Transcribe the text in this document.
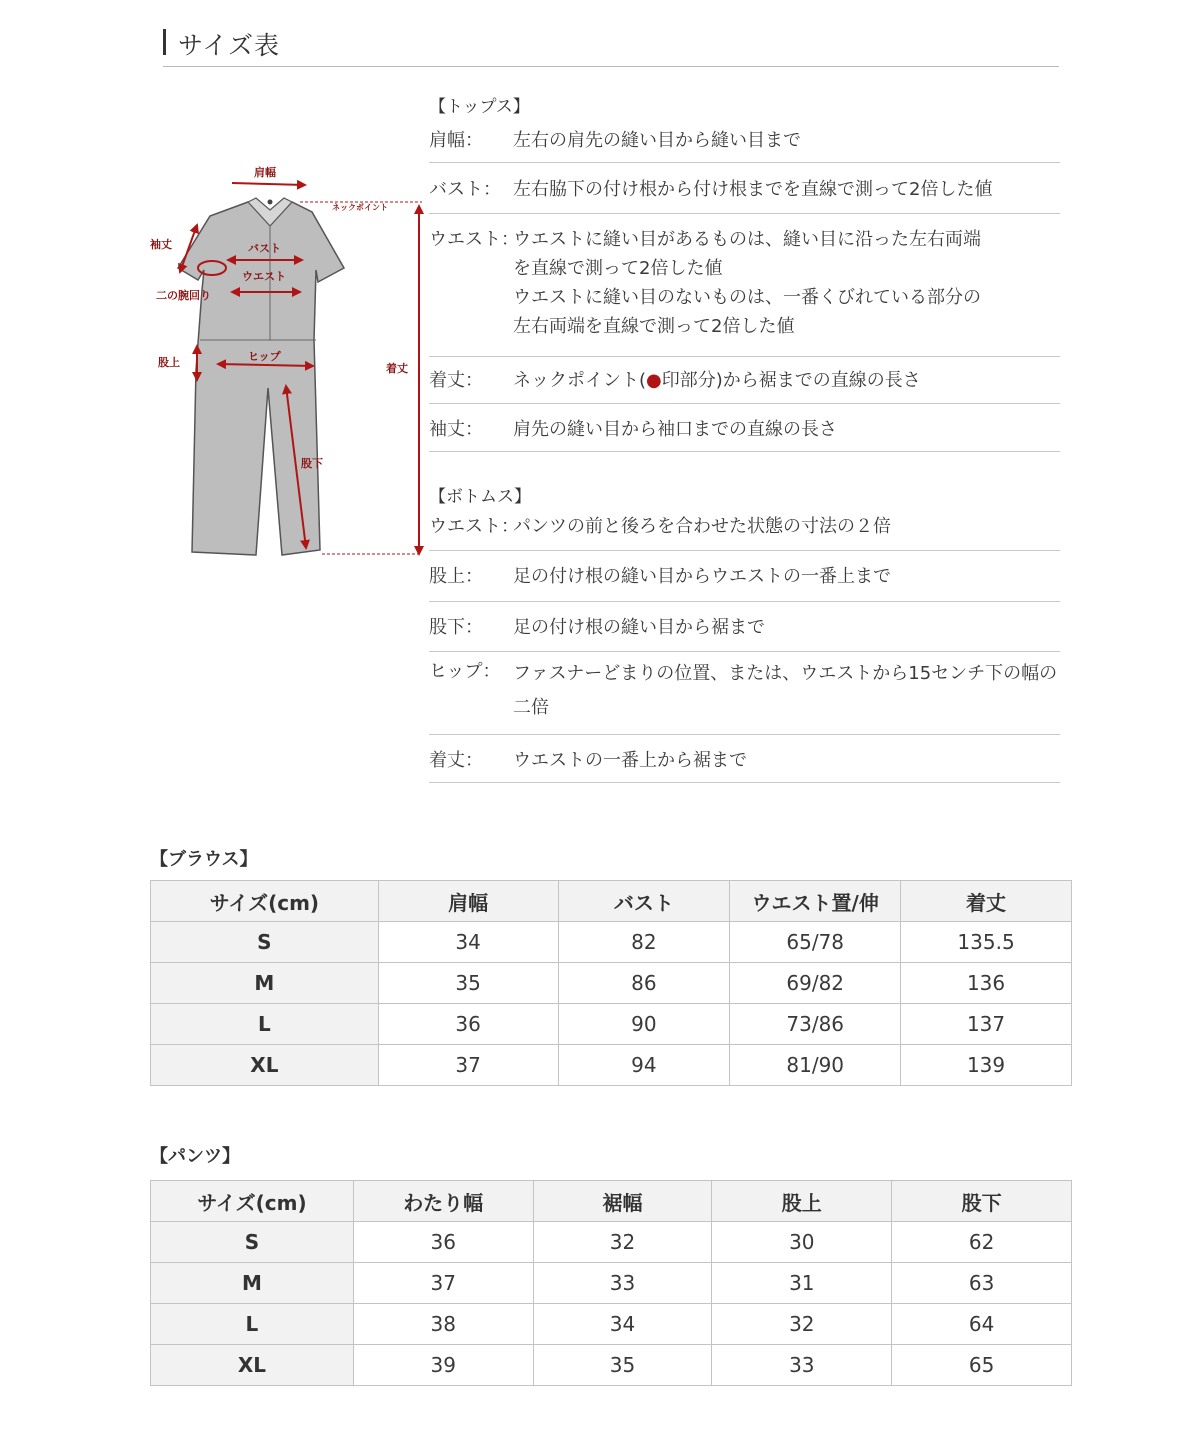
サイズ表
肩幅
ネックポイント
袖丈	バスト
ウエスト
二の腕回り
股上	ヒップ
着丈
股下
【トップス】
肩幅： 左右の肩先の縫い目から縫い目まで
バスト： 左右脇下の付け根から付け根までを直線で測って2倍した値
ウエスト：
ウエストに縫い目があるものは、縫い目に沿った左右両端
を直線で測って2倍した値
ウエストに縫い目のないものは、一番くびれている部分の
左右両端を直線で測って2倍した値
着丈： ネックポイント(●印部分)から裾までの直線の長さ
袖丈： 肩先の縫い目から袖口までの直線の長さ
【ボトムス】
ウエスト：
パンツの前と後ろを合わせた状態の寸法の２倍
股上： 足の付け根の縫い目からウエストの一番上まで
股下： 足の付け根の縫い目から裾まで
ヒップ： ファスナーどまりの位置、または、ウエストから15センチ下の幅の
二倍
着丈： ウエストの一番上から裾まで
【ブラウス】
サイズ(cm)	肩幅	バスト	ウエスト置/伸	着丈
S	34	82	65/78	135.5
M	35	86	69/82	136
L	36	90	73/86	137
XL	37	94	81/90	139
【パンツ】
サイズ(cm)	わたり幅	裾幅	股上	股下
S	36	32	30	62
M	37	33	31	63
L	38	34	32	64
XL	39	35	33	65
